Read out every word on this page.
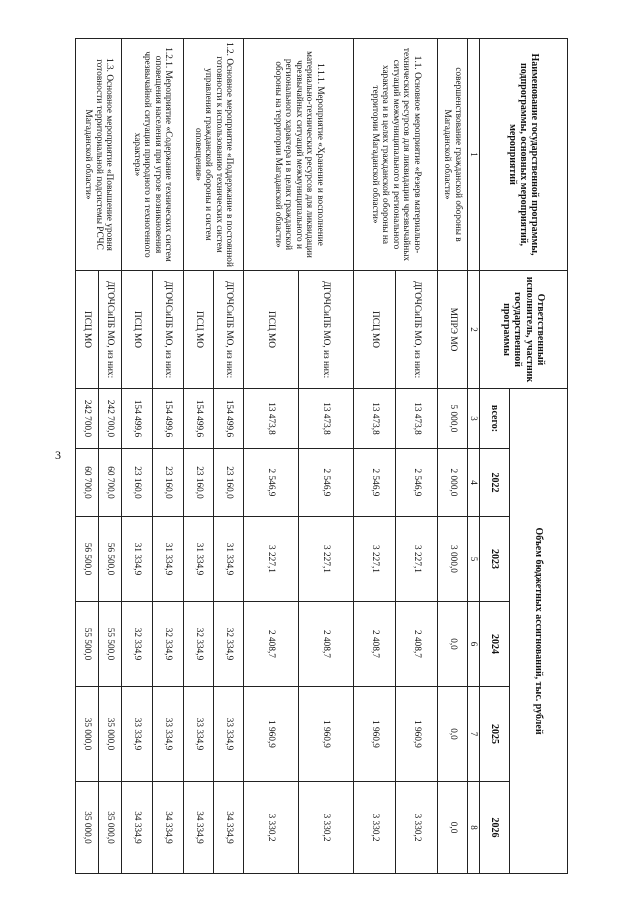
3
Наименование государственной программы, подпрограммы, основных мероприятий, мероприятий	Ответственный исполнитель, участник государственной программы	Объем бюджетных ассигнований, тыс. рублей					
		всего:	2022	2023	2024	2025	2026
1	2	3	4	5	6	7	8
совершенствование гражданской обороны в Магаданской области»	МПРЭ МО	5 000,0	2 000,0	3 000,0	0,0	0,0	0,0
1.1. Основное мероприятие «Резерв материально-технических ресурсов для ликвидации чрезвычайных ситуаций межмуниципального и регионального характера и в целях гражданской обороны на территории Магаданской области»	ДГОЧСиПБ МО, из них:	13 473,8	2 546,9	3 227,1	2 408,7	1 960,9	3 330,2
	ПСЦ МО	13 473,8	2 546,9	3 227,1	2 408,7	1 960,9	3 330,2
1.1.1. Мероприятие «Хранение и восполнение материально-технических ресурсов для ликвидации чрезвычайных ситуаций межмуниципального и регионального характера и в целях гражданской обороны на территории Магаданской области»	ДГОЧСиПБ МО, из них:	13 473,8	2 546,9	3 227,1	2 408,7	1 960,9	3 330,2
	ПСЦ МО	13 473,8	2 546,9	3 227,1	2 408,7	1 960,9	3 330,2
1.2. Основное мероприятие «Поддержание в постоянной готовности к использованию технических систем управления гражданской обороны и систем оповещения»	ДГОЧСиПБ МО, из них:	154 499,6	23 160,0	31 334,9	32 334,9	33 334,9	34 334,9
	ПСЦ МО	154 499,6	23 160,0	31 334,9	32 334,9	33 334,9	34 334,9
1.2.1. Мероприятие «Содержание технических систем оповещения населения при угрозе возникновения чрезвычайной ситуации природного и техногенного характера»	ДГОЧСиПБ МО, из них:	154 499,6	23 160,0	31 334,9	32 334,9	33 334,9	34 334,9
	ПСЦ МО	154 499,6	23 160,0	31 334,9	32 334,9	33 334,9	34 334,9
1.3. Основное мероприятие «Повышение уровня готовности территориальной подсистемы РСЧС Магаданской области»	ДГОЧСиПБ МО, из них:	242 700,0	60 700,0	56 500,0	55 500,0	35 000,0	35 000,0
	ПСЦ МО	242 700,0	60 700,0	56 500,0	55 500,0	35 000,0	35 000,0
